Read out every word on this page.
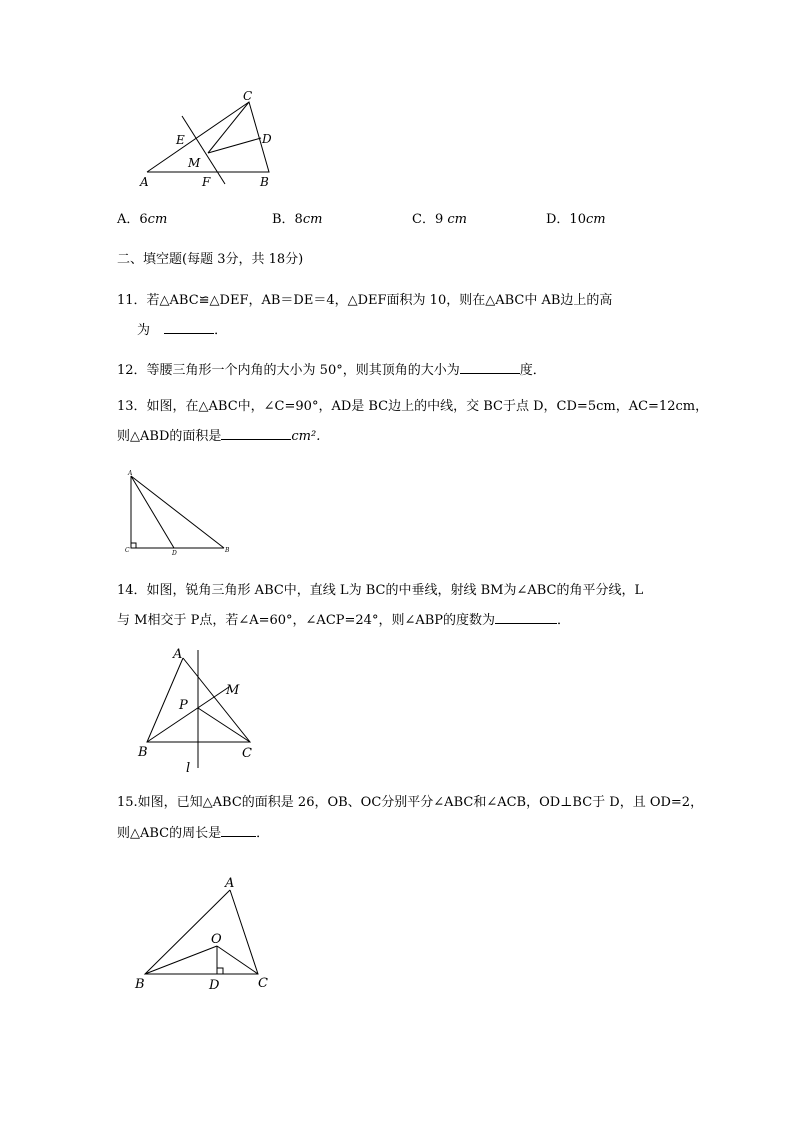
C
E	D
M
A	F	B
A．6cm	B．8cm	C．9 cm	D．10cm
二、填空题(每题 3分，共 18分)
11．若△ABC≌△DEF，AB＝DE＝4，△DEF面积为 10，则在△ABC中 AB边上的高
为	．
12．等腰三角形一个内角的大小为 50°，则其顶角的大小为	度．
13．如图，在△ABC中，∠C=90°，AD是 BC边上的中线，交 BC于点 D，CD=5cm，AC=12cm，
则△ABD的面积是	cm².
A
C	D	B
14．如图，锐角三角形 ABC中，直线 L为 BC的中垂线，射线 BM为∠ABC的角平分线，L
与 M相交于 P点，若∠A=60°，∠ACP=24°，则∠ABP的度数为	．
A
M
P
B	C
l
15.如图，已知△ABC的面积是 26，OB、OC分别平分∠ABC和∠ACB，OD⊥BC于 D，且 OD=2，
则△ABC的周长是	．
A
O
B	D	C
